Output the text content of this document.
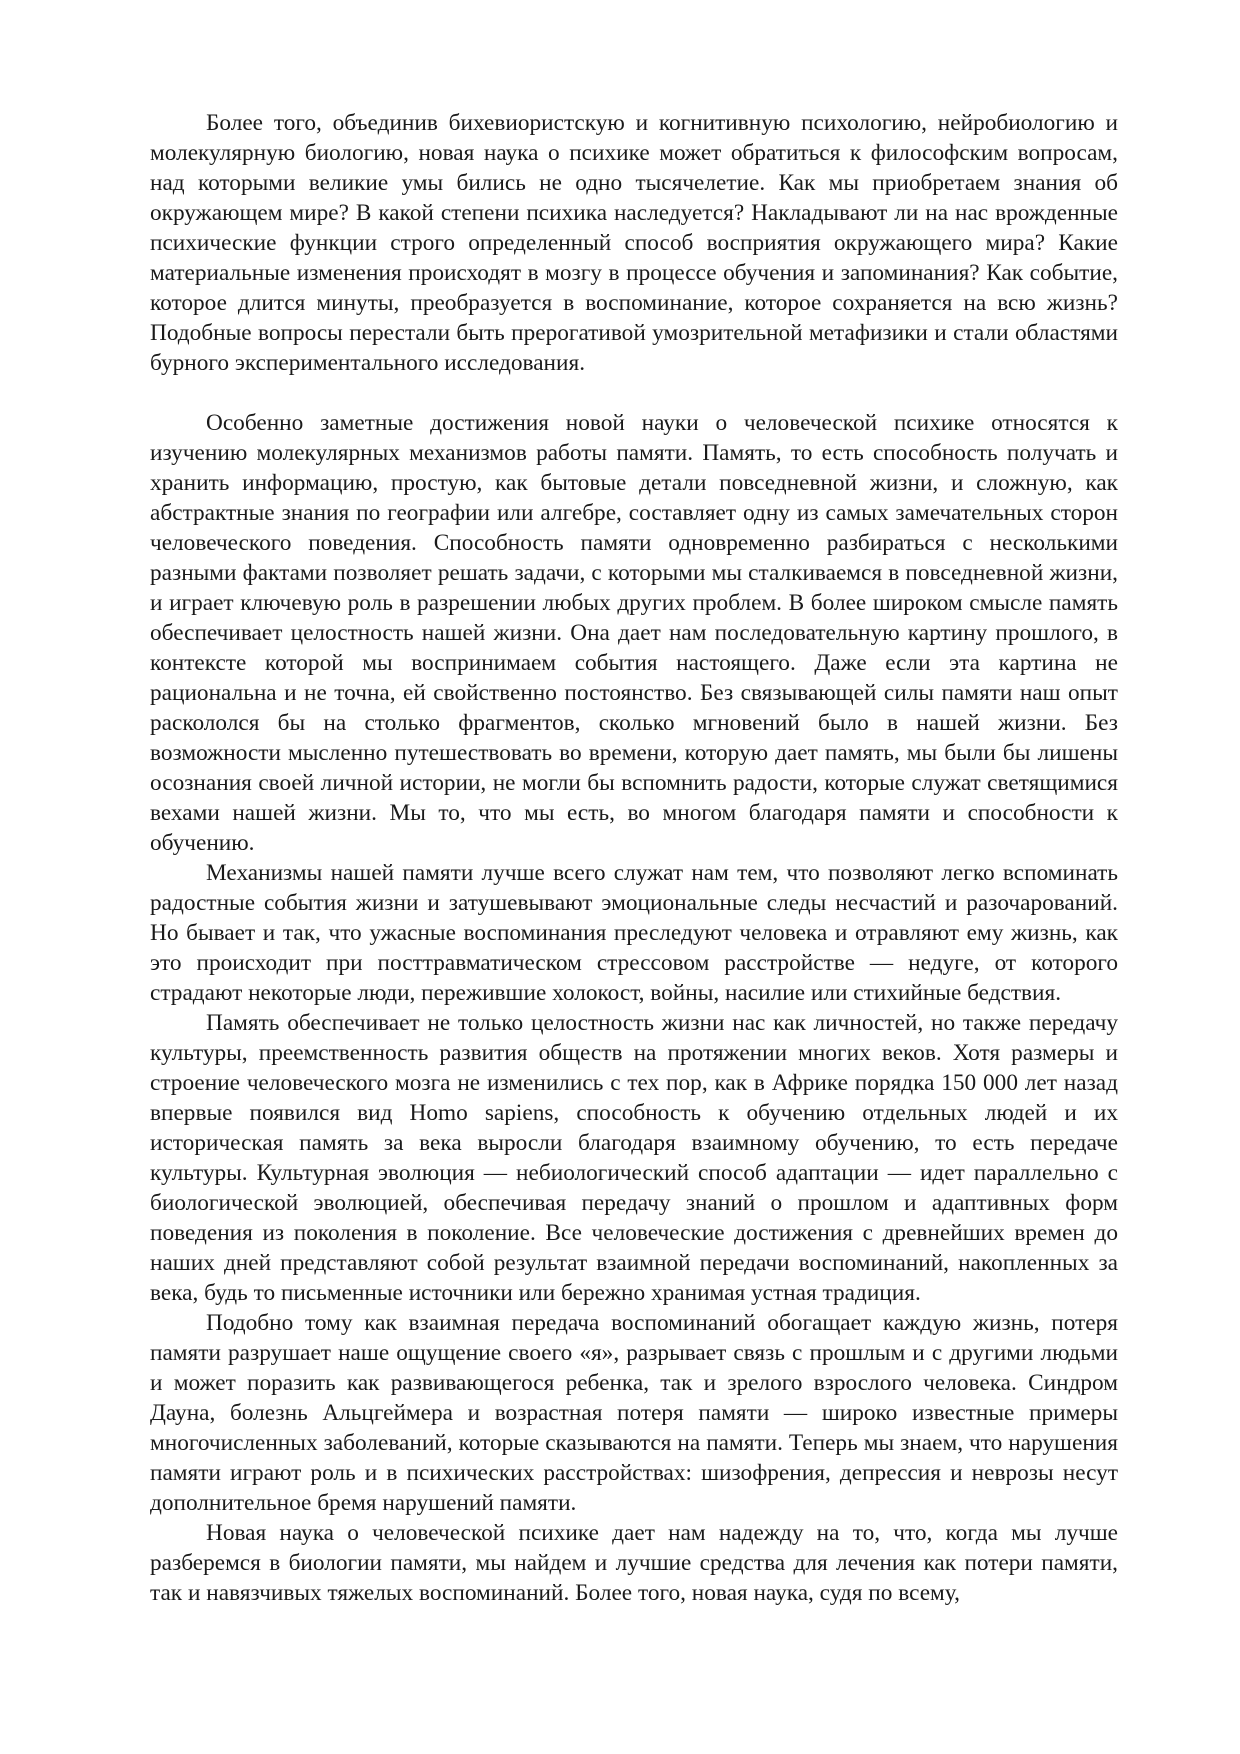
Более того, объединив бихевиористскую и когнитивную психологию, нейробиологию и молекулярную биологию, новая наука о психике может обратиться к философским вопросам, над которыми великие умы бились не одно тысячелетие. Как мы приобретаем знания об окружающем мире? В какой степени психика наследуется? Накладывают ли на нас врожденные психические функции строго определенный способ восприятия окружающего мира? Какие материальные изменения происходят в мозгу в процессе обучения и запоминания? Как событие, которое длится минуты, преобразуется в воспоминание, которое сохраняется на всю жизнь? Подобные вопросы перестали быть прерогативой умозрительной метафизики и стали областями бурного экспериментального исследования.

Особенно заметные достижения новой науки о человеческой психике относятся к изучению молекулярных механизмов работы памяти. Память, то есть способность получать и хранить информацию, простую, как бытовые детали повседневной жизни, и сложную, как абстрактные знания по географии или алгебре, составляет одну из самых замечательных сторон человеческого поведения. Способность памяти одновременно разбираться с несколькими разными фактами позволяет решать задачи, с которыми мы сталкиваемся в повседневной жизни, и играет ключевую роль в разрешении любых других проблем. В более широком смысле память обеспечивает целостность нашей жизни. Она дает нам последовательную картину прошлого, в контексте которой мы воспринимаем события настоящего. Даже если эта картина не рациональна и не точна, ей свойственно постоянство. Без связывающей силы памяти наш опыт раскололся бы на столько фрагментов, сколько мгновений было в нашей жизни. Без возможности мысленно путешествовать во времени, которую дает память, мы были бы лишены осознания своей личной истории, не могли бы вспомнить радости, которые служат светящимися вехами нашей жизни. Мы то, что мы есть, во многом благодаря памяти и способности к обучению.

Механизмы нашей памяти лучше всего служат нам тем, что позволяют легко вспоминать радостные события жизни и затушевывают эмоциональные следы несчастий и разочарований. Но бывает и так, что ужасные воспоминания преследуют человека и отравляют ему жизнь, как это происходит при посттравматическом стрессовом расстройстве — недуге, от которого страдают некоторые люди, пережившие холокост, войны, насилие или стихийные бедствия.

Память обеспечивает не только целостность жизни нас как личностей, но также передачу культуры, преемственность развития обществ на протяжении многих веков. Хотя размеры и строение человеческого мозга не изменились с тех пор, как в Африке порядка 150 000 лет назад впервые появился вид Homo sapiens, способность к обучению отдельных людей и их историческая память за века выросли благодаря взаимному обучению, то есть передаче культуры. Культурная эволюция — небиологический способ адаптации — идет параллельно с биологической эволюцией, обеспечивая передачу знаний о прошлом и адаптивных форм поведения из поколения в поколение. Все человеческие достижения с древнейших времен до наших дней представляют собой результат взаимной передачи воспоминаний, накопленных за века, будь то письменные источники или бережно хранимая устная традиция.

Подобно тому как взаимная передача воспоминаний обогащает каждую жизнь, потеря памяти разрушает наше ощущение своего «я», разрывает связь с прошлым и с другими людьми и может поразить как развивающегося ребенка, так и зрелого взрослого человека. Синдром Дауна, болезнь Альцгеймера и возрастная потеря памяти — широко известные примеры многочисленных заболеваний, которые сказываются на памяти. Теперь мы знаем, что нарушения памяти играют роль и в психических расстройствах: шизофрения, депрессия и неврозы несут дополнительное бремя нарушений памяти.

Новая наука о человеческой психике дает нам надежду на то, что, когда мы лучше разберемся в биологии памяти, мы найдем и лучшие средства для лечения как потери памяти, так и навязчивых тяжелых воспоминаний. Более того, новая наука, судя по всему,
